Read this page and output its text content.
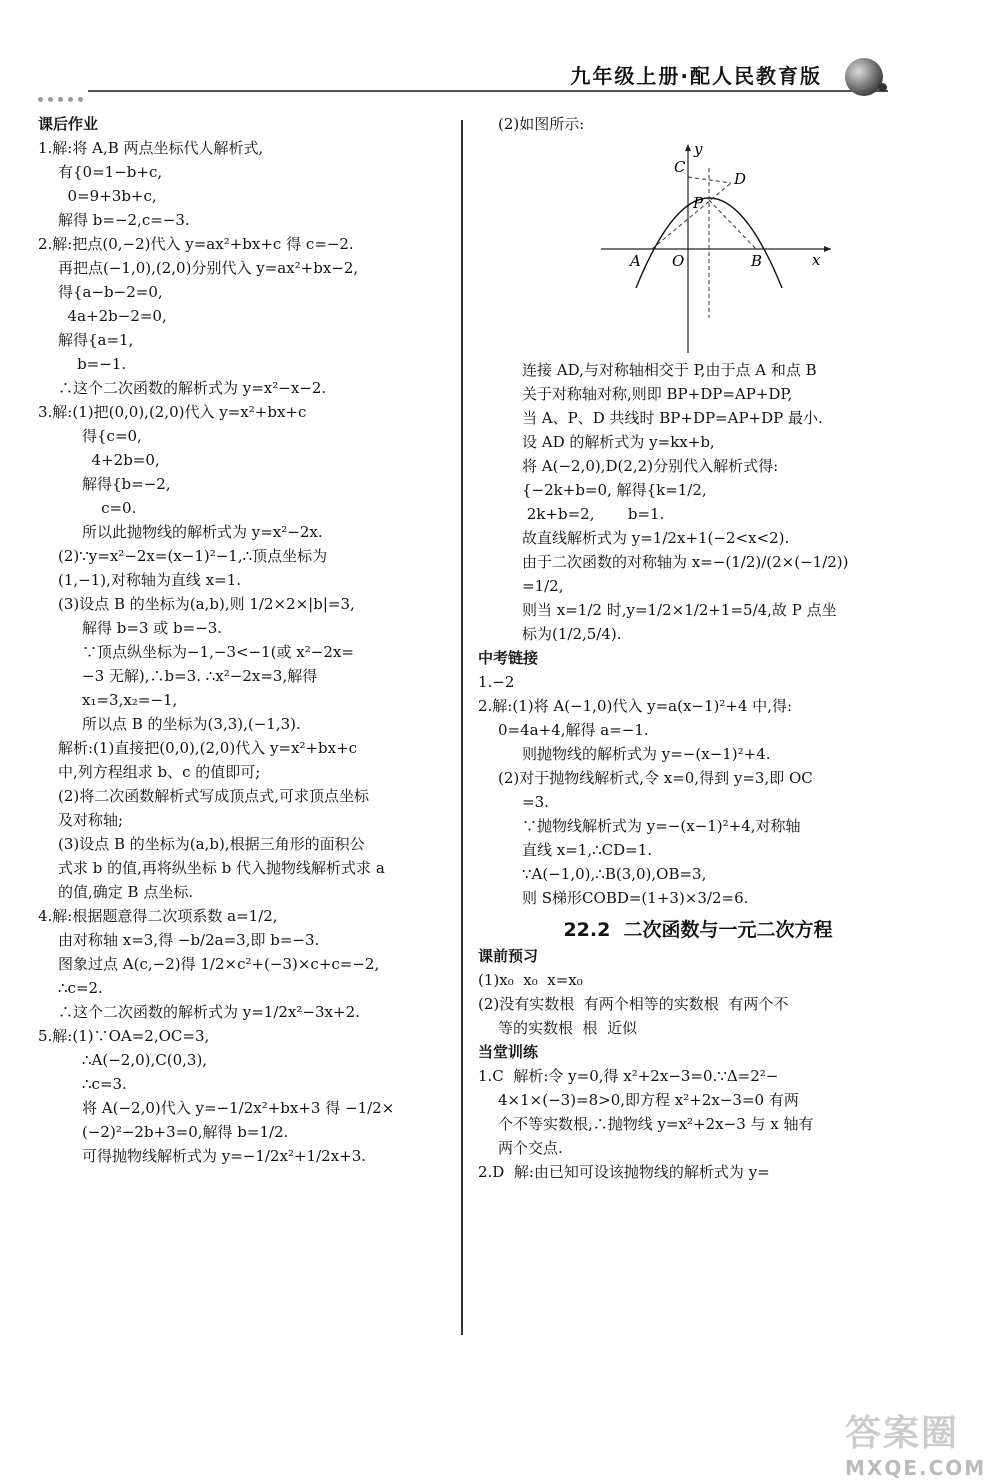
九年级上册·配人民教育版

课后作业

1.解:将 A,B 两点坐标代人解析式,

有{0=1−b+c,

0=9+3b+c,

解得 b=−2,c=−3.

2.解:把点(0,−2)代入 y=ax²+bx+c 得 c=−2.

再把点(−1,0),(2,0)分别代入 y=ax²+bx−2,

得{a−b−2=0,

4a+2b−2=0,

解得{a=1,

b=−1.

∴这个二次函数的解析式为 y=x²−x−2.

3.解:(1)把(0,0),(2,0)代入 y=x²+bx+c

得{c=0,

4+2b=0,

解得{b=−2,

c=0.

所以此抛物线的解析式为 y=x²−2x.

(2)∵y=x²−2x=(x−1)²−1,∴顶点坐标为

(1,−1),对称轴为直线 x=1.

(3)设点 B 的坐标为(a,b),则 1/2×2×|b|=3,

解得 b=3 或 b=−3.

∵顶点纵坐标为−1,−3<−1(或 x²−2x=

−3 无解),∴b=3. ∴x²−2x=3,解得

x₁=3,x₂=−1,

所以点 B 的坐标为(3,3),(−1,3).

解析:(1)直接把(0,0),(2,0)代入 y=x²+bx+c

中,列方程组求 b、c 的值即可;

(2)将二次函数解析式写成顶点式,可求顶点坐标

及对称轴;

(3)设点 B 的坐标为(a,b),根据三角形的面积公

式求 b 的值,再将纵坐标 b 代入抛物线解析式求 a

的值,确定 B 点坐标.

4.解:根据题意得二次项系数 a=1/2,

由对称轴 x=3,得 −b/2a=3,即 b=−3.

图象过点 A(c,−2)得 1/2×c²+(−3)×c+c=−2,

∴c=2.

∴这个二次函数的解析式为 y=1/2x²−3x+2.

5.解:(1)∵OA=2,OC=3,

∴A(−2,0),C(0,3),

∴c=3.

将 A(−2,0)代入 y=−1/2x²+bx+3 得 −1/2×

(−2)²−2b+3=0,解得 b=1/2.

可得抛物线解析式为 y=−1/2x²+1/2x+3.

(2)如图所示:

C
D
P
A O	B	x
y

连接 AD,与对称轴相交于 P,由于点 A 和点 B

关于对称轴对称,则即 BP+DP=AP+DP,

当 A、P、D 共线时 BP+DP=AP+DP 最小.

设 AD 的解析式为 y=kx+b,

将 A(−2,0),D(2,2)分别代入解析式得:

{−2k+b=0, 解得{k=1/2,

2k+b=2,       b=1.

故直线解析式为 y=1/2x+1(−2<x<2).

由于二次函数的对称轴为 x=−(1/2)/(2×(−1/2))

=1/2,

则当 x=1/2 时,y=1/2×1/2+1=5/4,故 P 点坐

标为(1/2,5/4).

中考链接

1.−2

2.解:(1)将 A(−1,0)代入 y=a(x−1)²+4 中,得:

0=4a+4,解得 a=−1.

则抛物线的解析式为 y=−(x−1)²+4.

(2)对于抛物线解析式,令 x=0,得到 y=3,即 OC

=3.

∵抛物线解析式为 y=−(x−1)²+4,对称轴

直线 x=1,∴CD=1.

∵A(−1,0),∴B(3,0),OB=3,

则 S梯形COBD=(1+3)×3/2=6.

22.2  二次函数与一元二次方程

课前预习

(1)x₀  x₀  x=x₀

(2)没有实数根  有两个相等的实数根  有两个不

等的实数根  根  近似

当堂训练

1.C  解析:令 y=0,得 x²+2x−3=0.∵Δ=2²−

4×1×(−3)=8>0,即方程 x²+2x−3=0 有两

个不等实数根,∴抛物线 y=x²+2x−3 与 x 轴有

两个交点.

2.D  解:由已知可设该抛物线的解析式为 y=

答案圈
MXQE.COM
